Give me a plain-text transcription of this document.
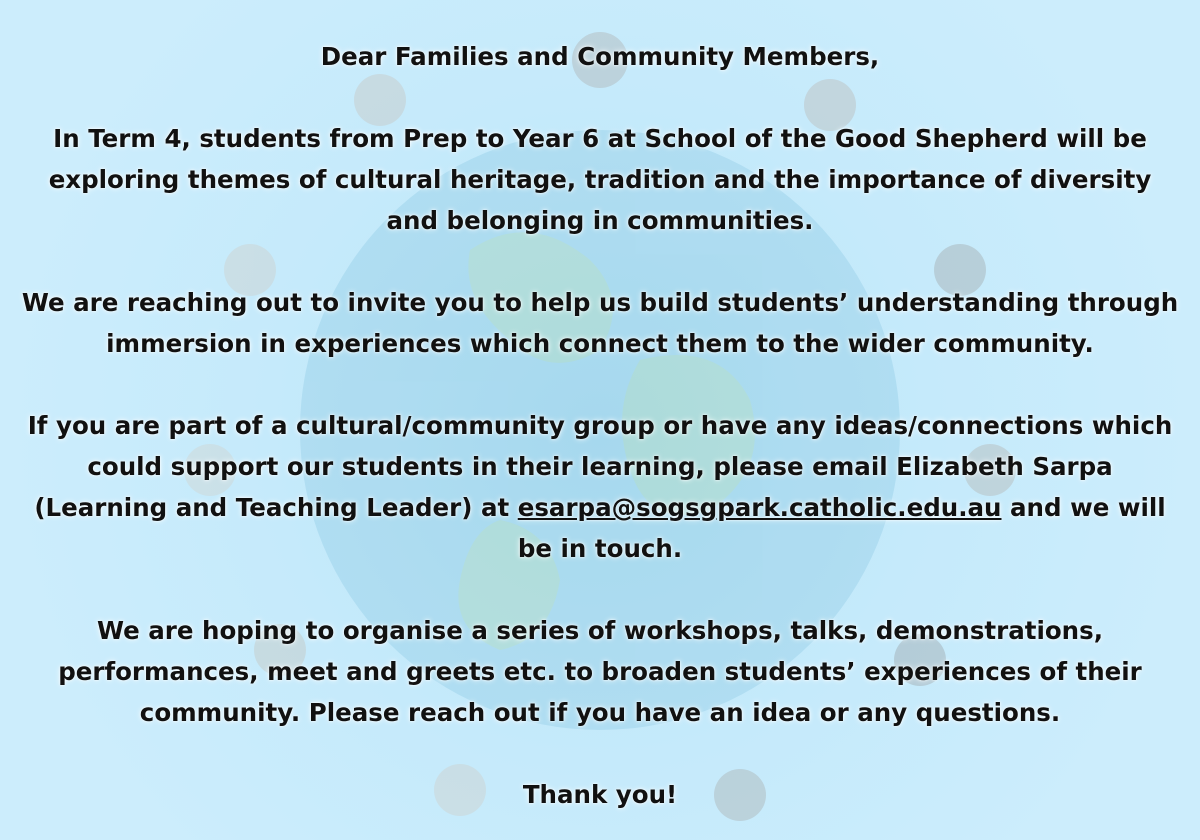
Dear Families and Community Members,

In Term 4, students from Prep to Year 6 at School of the Good Shepherd will be exploring themes of cultural heritage, tradition and the importance of diversity and belonging in communities.

We are reaching out to invite you to help us build students’ understanding through immersion in experiences which connect them to the wider community.

If you are part of a cultural/community group or have any ideas/connections which could support our students in their learning, please email Elizabeth Sarpa (Learning and Teaching Leader) at esarpa@sogsgpark.catholic.edu.au and we will be in touch.

We are hoping to organise a series of workshops, talks, demonstrations, performances, meet and greets etc. to broaden students’ experiences of their community. Please reach out if you have an idea or any questions.

Thank you!
